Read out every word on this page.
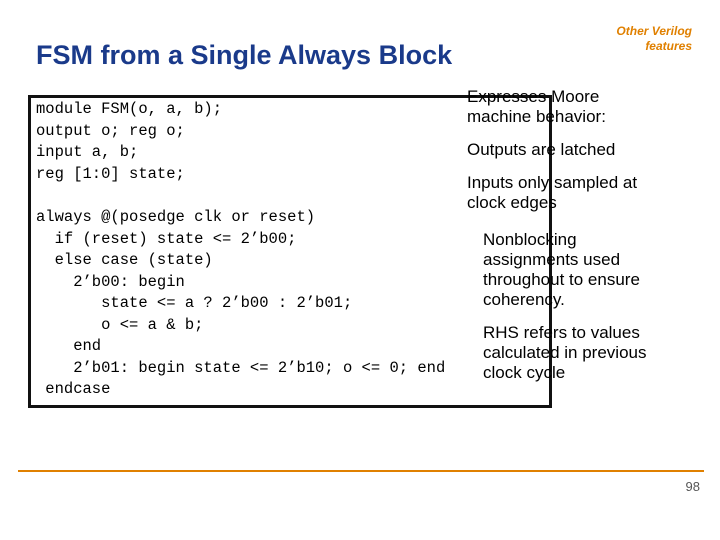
FSM from a Single Always Block
Other Verilog
features
module FSM(o, a, b);
output o; reg o;
input a, b;
reg [1:0] state;
always @(posedge clk or reset)
if (reset) state <= 2’b00;
else case (state)
2’b00: begin
state <= a ? 2’b00 : 2’b01;
o <= a & b;
end
2’b01: begin state <= 2’b10; o <= 0; end
endcase
Expresses Moore
machine behavior:
Outputs are latched
Inputs only sampled at
clock edges
Nonblocking
assignments used
throughout to ensure
coherency.
RHS refers to values
calculated in previous
clock cycle
98
